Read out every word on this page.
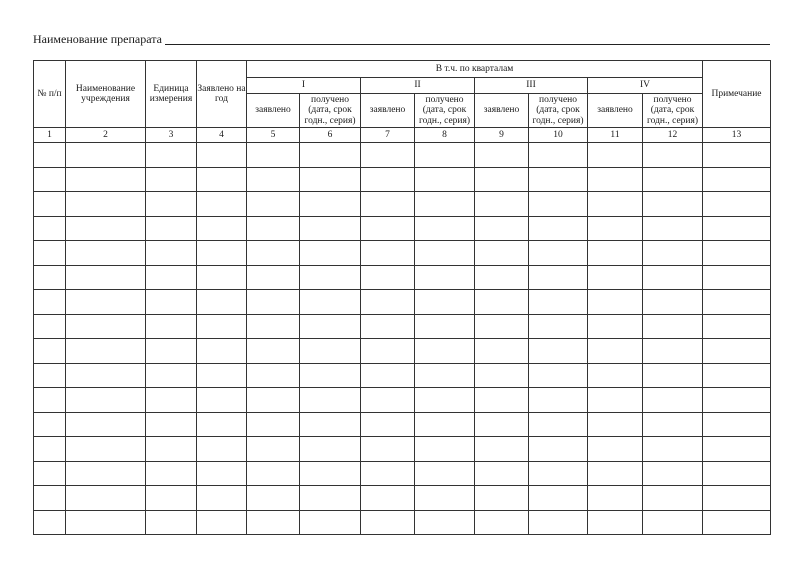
Наименование препарата
№ п/п	Наименование учреждения	Единица измерения	Заявлено на год	В т.ч. по кварталам								Примечание
				I		II		III		IV		
				заявлено	получено (дата, срок годн., серия)	заявлено	получено (дата, срок годн., серия)	заявлено	получено (дата, срок годн., серия)	заявлено	получено (дата, срок годн., серия)	
1	2	3	4	5	6	7	8	9	10	11	12	13
